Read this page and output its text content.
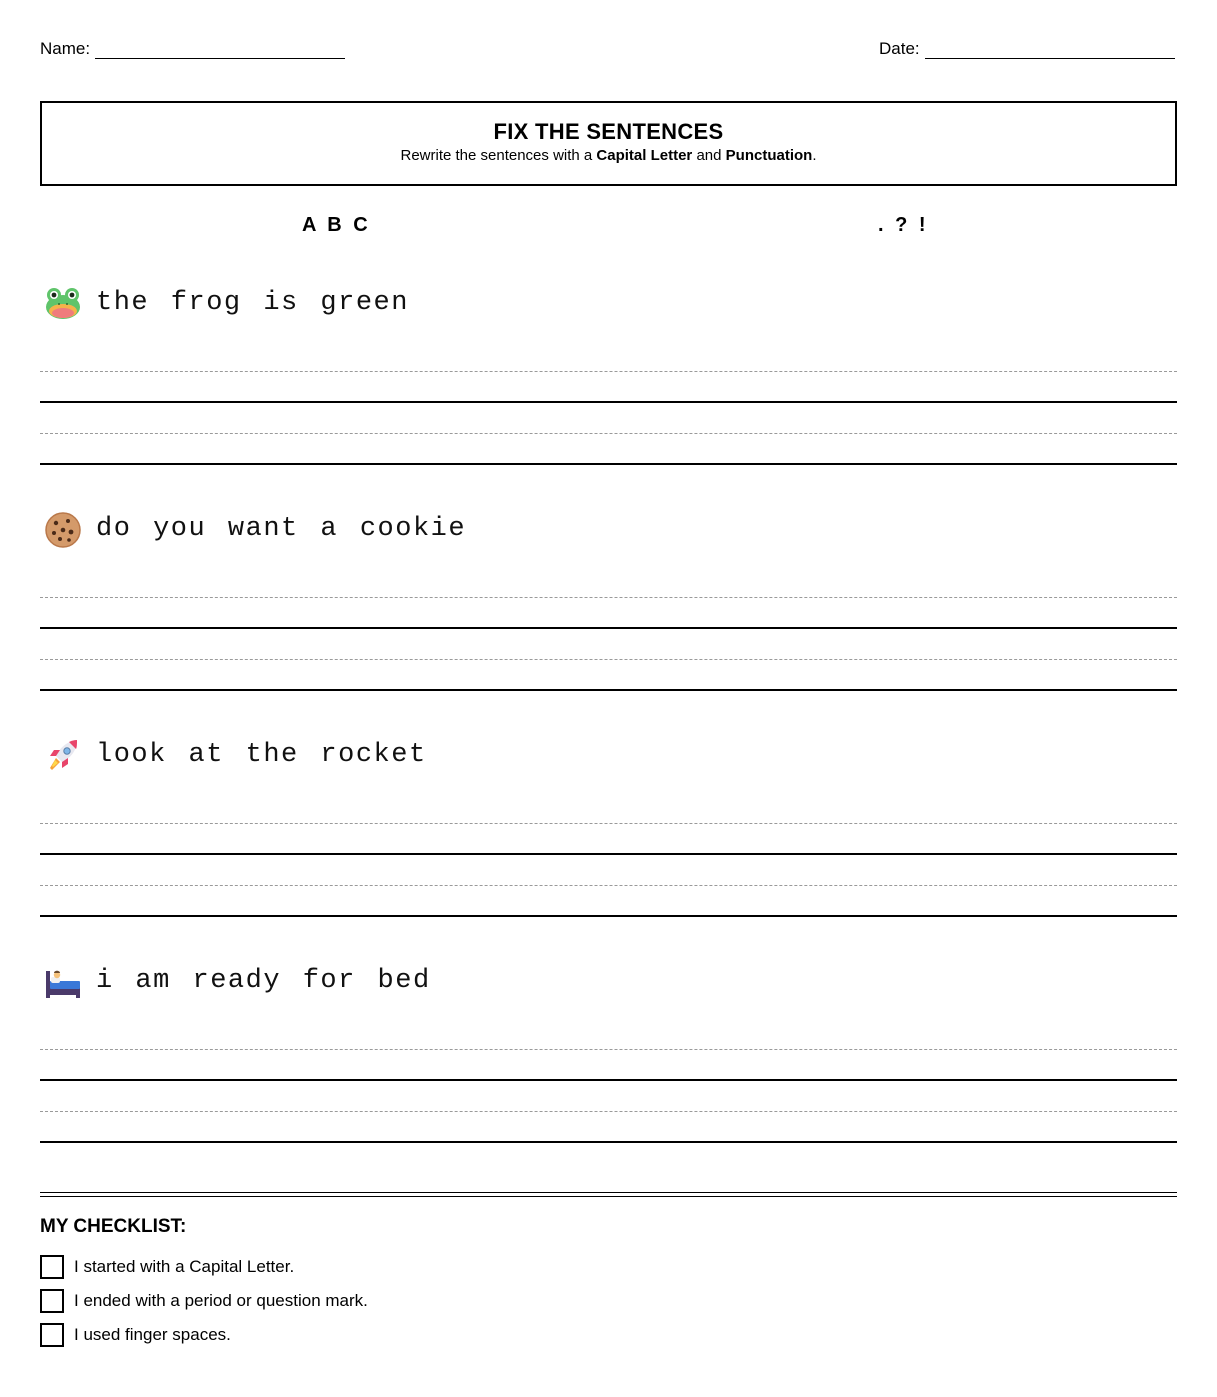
Name:	Date:
FIX THE SENTENCES
Rewrite the sentences with a Capital Letter and Punctuation.
A B C	. ? !
the frog is green
do you want a cookie
look at the rocket
i am ready for bed
MY CHECKLIST:
I started with a Capital Letter.
I ended with a period or question mark.
I used finger spaces.
